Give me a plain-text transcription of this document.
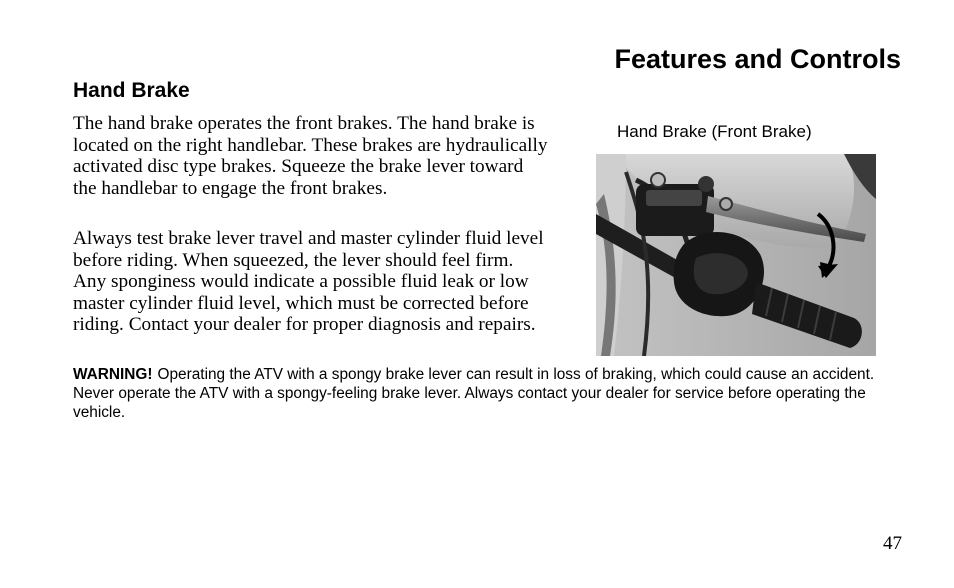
Features and Controls
Hand Brake

The hand brake operates the front brakes. The hand brake is located on the right handlebar. These brakes are hydraulically activated disc type brakes. Squeeze the brake lever toward the handlebar to engage the front brakes.

Always test brake lever travel and master cylinder fluid level before riding. When squeezed, the lever should feel firm. Any sponginess would indicate a possible fluid leak or low master cylinder fluid level, which must be corrected before riding. Contact your dealer for proper diagnosis and repairs.

Hand Brake (Front Brake)

WARNING! Operating the ATV with a spongy brake lever can result in loss of braking, which could cause an accident. Never operate the ATV with a spongy-feeling brake lever. Always contact your dealer for service before operating the vehicle.

47
